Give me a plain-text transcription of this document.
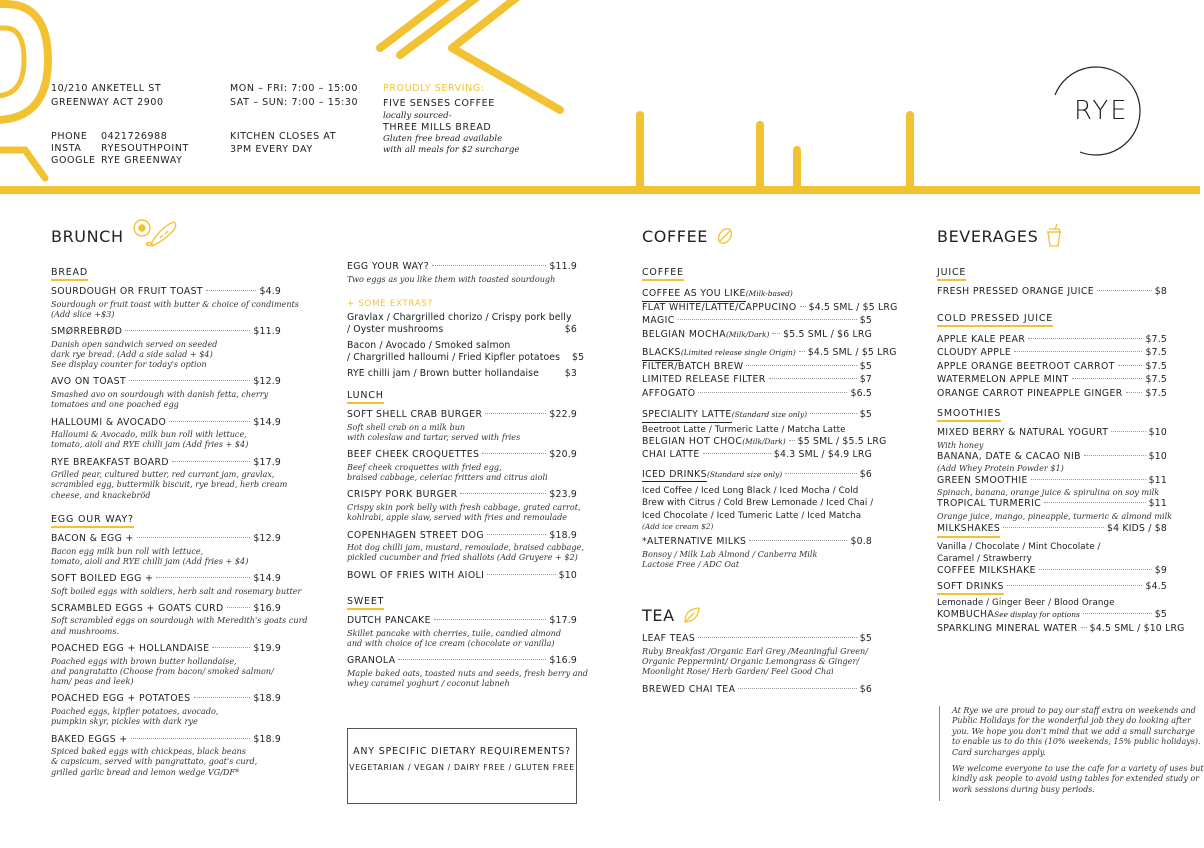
10/210 ANKETELL ST
GREENWAY ACT 2900
PHONE 0421726988
INSTA RYESOUTHPOINT
GOOGLE RYE GREENWAY
MON – FRI: 7:00 – 15:00
SAT – SUN: 7:00 – 15:30
KITCHEN CLOSES AT
3PM EVERY DAY
PROUDLY SERVING:
FIVE SENSES COFFEE
locally sourced-
THREE MILLS BREAD
Gluten free bread available
with all meals for $2 surcharge
RYE
BRUNCH
BREAD
SOURDOUGH OR FRUIT TOAST	$4.9
Sourdough or fruit toast with butter & choice of condiments
(Add slice +$3)
SMØRREBRØD	$11.9
Danish open sandwich served on seeded
dark rye bread. (Add a side salad + $4)
See display counter for today's option
AVO ON TOAST	$12.9
Smashed avo on sourdough with danish fetta, cherry
tomatoes and one poached egg
HALLOUMI & AVOCADO	$14.9
Halloumi & Avocado, milk bun roll with lettuce,
tomato, aioli and RYE chilli jam (Add fries + $4)
RYE BREAKFAST BOARD	$17.9
Grilled pear, cultured butter, red currant jam, gravlax,
scrambled egg, buttermilk biscuit, rye bread, herb cream
cheese, and knackebröd
EGG OUR WAY?
BACON & EGG +	$12.9
Bacon egg milk bun roll with lettuce,
tomato, aioli and RYE chilli jam (Add fries + $4)
SOFT BOILED EGG +	$14.9
Soft boiled eggs with soldiers, herb salt and rosemary butter
SCRAMBLED EGGS + GOATS CURD	$16.9
Soft scrambled eggs on sourdough with Meredith's goats curd
and mushrooms.
POACHED EGG + HOLLANDAISE	$19.9
Poached eggs with brown butter hollandaise,
and pangratatto (Choose from bacon/ smoked salmon/
ham/ peas and leek)
POACHED EGG + POTATOES	$18.9
Poached eggs, kipfler potatoes, avocado,
pumpkin skyr, pickles with dark rye
BAKED EGGS +	$18.9
Spiced baked eggs with chickpeas, black beans
& capsicum, served with pangrattato, goat's curd,
grilled garlic bread and lemon wedge VG/DF*
EGG YOUR WAY?	$11.9
Two eggs as you like them with toasted sourdough
+ SOME EXTRAS?
Gravlax / Chargrilled chorizo / Crispy pork belly
/ Oyster mushrooms	$6
Bacon / Avocado / Smoked salmon
/ Chargrilled halloumi / Fried Kipfler potatoes $5
RYE chilli jam / Brown butter hollandaise	$3
LUNCH
SOFT SHELL CRAB BURGER	$22.9
Soft shell crab on a milk bun
with coleslaw and tartar, served with fries
BEEF CHEEK CROQUETTES	$20.9
Beef cheek croquettes with fried egg,
braised cabbage, celeriac fritters and citrus aioli
CRISPY PORK BURGER	$23.9
Crispy skin pork belly with fresh cabbage, grated carrot,
kohlrabi, apple slaw, served with fries and remoulade
COPENHAGEN STREET DOG	$18.9
Hot dog chilli jam, mustard, remoulade, braised cabbage,
pickled cucumber and fried shallots (Add Gruyere + $2)
BOWL OF FRIES WITH AIOLI	$10
SWEET
DUTCH PANCAKE	$17.9
Skillet pancake with cherries, tuile, candied almond
and with choice of ice cream (chocolate or vanilla)
GRANOLA	$16.9
Maple baked oats, toasted nuts and seeds, fresh berry and
whey caramel yoghurt / coconut labneh
ANY SPECIFIC DIETARY REQUIREMENTS?
VEGETARIAN / VEGAN / DAIRY FREE / GLUTEN FREE
COFFEE
COFFEE
COFFEE AS YOU LIKE (Milk-based)
FLAT WHITE/LATTE/CAPPUCINO $4.5 SML / $5 LRG
MAGIC	$5
BELGIAN MOCHA (Milk/Dark) $5.5 SML / $6 LRG
BLACKS (Limited release single Origin) $4.5 SML / $5 LRG
FILTER/BATCH BREW	$5
LIMITED RELEASE FILTER	$7
AFFOGATO	$6.5
SPECIALITY LATTE (Standard size only)	$5
Beetroot Latte / Turmeric Latte / Matcha Latte
BELGIAN HOT CHOC (Milk/Dark) $5 SML / $5.5 LRG
CHAI LATTE	$4.3 SML / $4.9 LRG
ICED DRINKS (Standard size only)	$6
Iced Coffee / Iced Long Black / Iced Mocha / Cold
Brew with Citrus / Cold Brew Lemonade / Iced Chai /
Iced Chocolate / Iced Tumeric Latte / Iced Matcha
(Add ice cream $2)
*ALTERNATIVE MILKS	$0.8
Bonsoy / Milk Lab Almond / Canberra Milk
Lactose Free / ADC Oat
TEA
LEAF TEAS	$5
Ruby Breakfast /Organic Earl Grey /Meaningful Green/
Organic Peppermint/ Organic Lemongrass & Ginger/
Moonlight Rose/ Herb Garden/ Feel Good Chai
BREWED CHAI TEA	$6
BEVERAGES
JUICE
FRESH PRESSED ORANGE JUICE	$8
COLD PRESSED JUICE
APPLE KALE PEAR	$7.5
CLOUDY APPLE	$7.5
APPLE ORANGE BEETROOT CARROT	$7.5
WATERMELON APPLE MINT	$7.5
ORANGE CARROT PINEAPPLE GINGER $7.5
SMOOTHIES
MIXED BERRY & NATURAL YOGURT	$10
With honey
BANANA, DATE & CACAO NIB	$10
(Add Whey Protein Powder $1)
GREEN SMOOTHIE	$11
Spinach, banana, orange juice & spirulina on soy milk
TROPICAL TURMERIC	$11
Orange juice, mango, pineapple, turmeric & almond milk
MILKSHAKES	$4 KIDS / $8
Vanilla / Chocolate / Mint Chocolate /
Caramel / Strawberry
COFFEE MILKSHAKE	$9
SOFT DRINKS	$4.5
Lemonade / Ginger Beer / Blood Orange
KOMBUCHA See display for options	$5
SPARKLING MINERAL WATER $4.5 SML / $10 LRG

At Rye we are proud to pay our staff extra on weekends and
Public Holidays for the wonderful job they do looking after
you. We hope you don't mind that we add a small surcharge
to enable us to do this (10% weekends, 15% public holidays).
Card surcharges apply.

We welcome everyone to use the cafe for a variety of uses but
kindly ask people to avoid using tables for extended study or
work sessions during busy periods.
